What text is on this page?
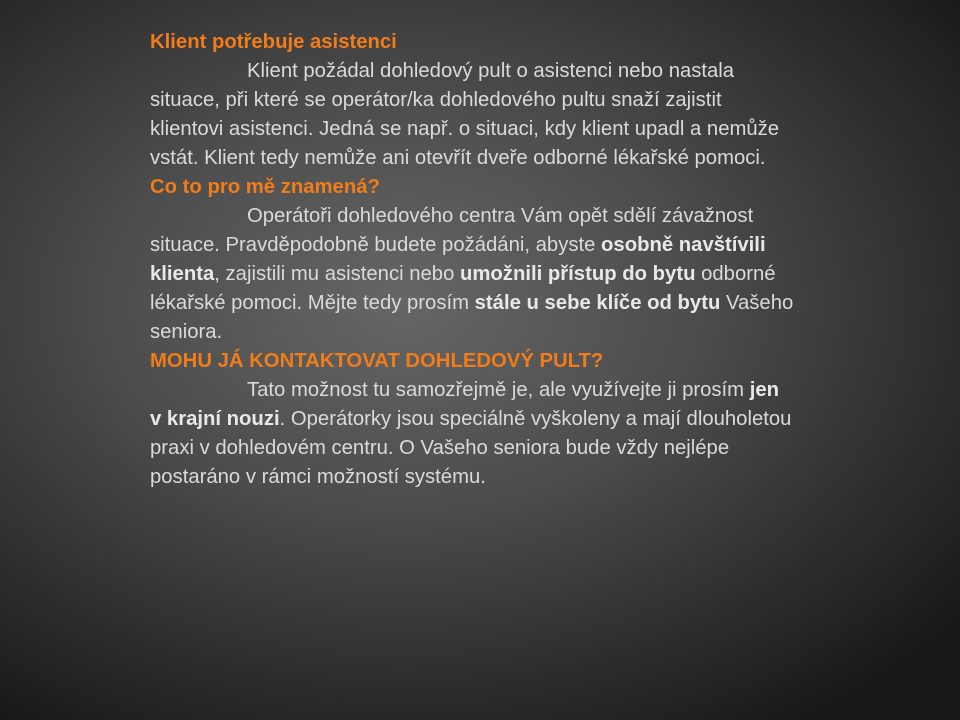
Klient potřebuje asistenci
Klient požádal dohledový pult o asistenci nebo nastala
situace, při které se operátor/ka dohledového pultu snaží zajistit
klientovi asistenci. Jedná se např. o situaci, kdy klient upadl a nemůže
vstát. Klient tedy nemůže ani otevřít dveře odborné lékařské pomoci.
Co to pro mě znamená?
Operátoři dohledového centra Vám opět sdělí závažnost
situace. Pravděpodobně budete požádáni, abyste osobně navštívili
klienta, zajistili mu asistenci nebo umožnili přístup do bytu odborné
lékařské pomoci. Mějte tedy prosím stále u sebe klíče od bytu Vašeho
seniora.
MOHU JÁ KONTAKTOVAT DOHLEDOVÝ PULT?
Tato možnost tu samozřejmě je, ale využívejte ji prosím jen
v krajní nouzi. Operátorky jsou speciálně vyškoleny a mají dlouholetou
praxi v dohledovém centru. O Vašeho seniora bude vždy nejlépe
postaráno v rámci možností systému.
